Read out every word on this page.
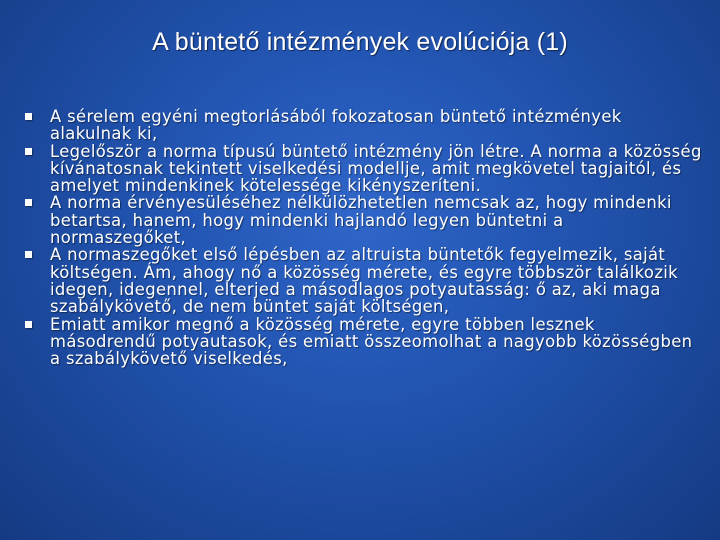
A büntető intézmények evolúciója (1)
A sérelem egyéni megtorlásából fokozatosan büntető intézmények alakulnak ki,
Legelőször a norma típusú büntető intézmény jön létre. A norma a közösség kívánatosnak tekintett viselkedési modellje, amit megkövetel tagjaitól, és amelyet mindenkinek kötelessége kikényszeríteni.
A norma érvényesüléséhez nélkülözhetetlen nemcsak az, hogy mindenki betartsa, hanem, hogy mindenki hajlandó legyen büntetni a normaszegőket,
A normaszegőket első lépésben az altruista büntetők fegyelmezik, saját költségen. Ám, ahogy nő a közösség mérete, és egyre többször találkozik idegen, idegennel, elterjed a másodlagos potyautasság: ő az, aki maga szabálykövető, de nem büntet saját költségen,
Emiatt amikor megnő a közösség mérete, egyre többen lesznek másodrendű potyautasok, és emiatt összeomolhat a nagyobb közösségben a szabálykövető viselkedés,
